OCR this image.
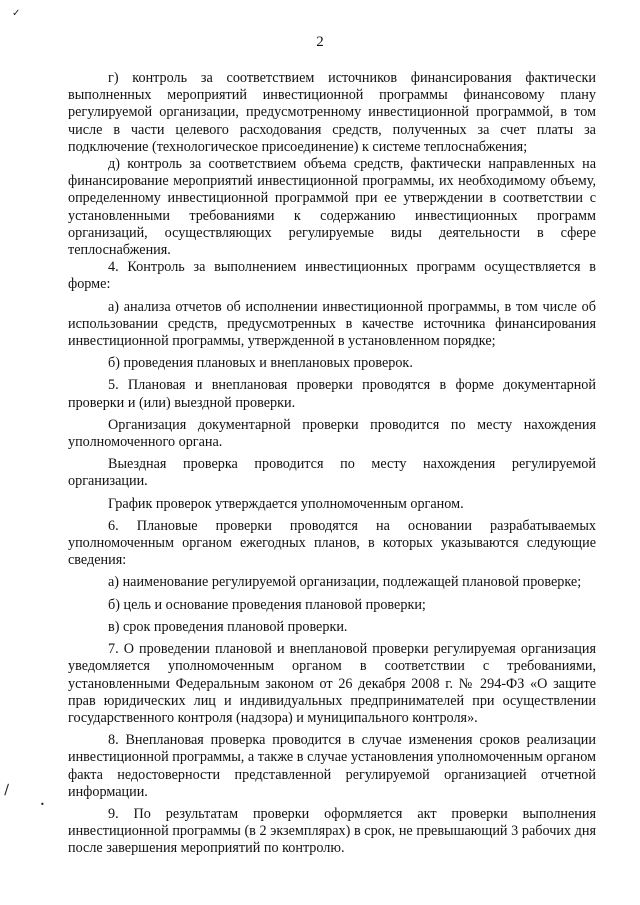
✓
\
•
2

г) контроль за соответствием источников финансирования фактически выполненных мероприятий инвестиционной программы финансовому плану регулируемой организации, предусмотренному инвестиционной программой, в том числе в части целевого расходования средств, полученных за счет платы за подключение (технологическое присоединение) к системе теплоснабжения;

д) контроль за соответствием объема средств, фактически направленных на финансирование мероприятий инвестиционной программы, их необходимому объему, определенному инвестиционной программой при ее утверждении в соответствии с установленными требованиями к содержанию инвестиционных программ организаций, осуществляющих регулируемые виды деятельности в сфере теплоснабжения.

4. Контроль за выполнением инвестиционных программ осуществляется в форме:

а) анализа отчетов об исполнении инвестиционной программы, в том числе об использовании средств, предусмотренных в качестве источника финансирования инвестиционной программы, утвержденной в установленном порядке;

б) проведения плановых и внеплановых проверок.

5. Плановая и внеплановая проверки проводятся в форме документарной проверки и (или) выездной проверки.

Организация документарной проверки проводится по месту нахождения уполномоченного органа.

Выездная проверка проводится по месту нахождения регулируемой организации.

График проверок утверждается уполномоченным органом.

6. Плановые проверки проводятся на основании разрабатываемых уполномоченным органом ежегодных планов, в которых указываются следующие сведения:

а) наименование регулируемой организации, подлежащей плановой проверке;

б) цель и основание проведения плановой проверки;

в) срок проведения плановой проверки.

7. О проведении плановой и внеплановой проверки регулируемая организация уведомляется уполномоченным органом в соответствии с требованиями, установленными Федеральным законом от 26 декабря 2008 г. № 294-ФЗ «О защите прав юридических лиц и индивидуальных предпринимателей при осуществлении государственного контроля (надзора) и муниципального контроля».

8. Внеплановая проверка проводится в случае изменения сроков реализации инвестиционной программы, а также в случае установления уполномоченным органом факта недостоверности представленной регулируемой организацией отчетной информации.

9. По результатам проверки оформляется акт проверки выполнения инвестиционной программы (в 2 экземплярах) в срок, не превышающий 3 рабочих дня после завершения мероприятий по контролю.
